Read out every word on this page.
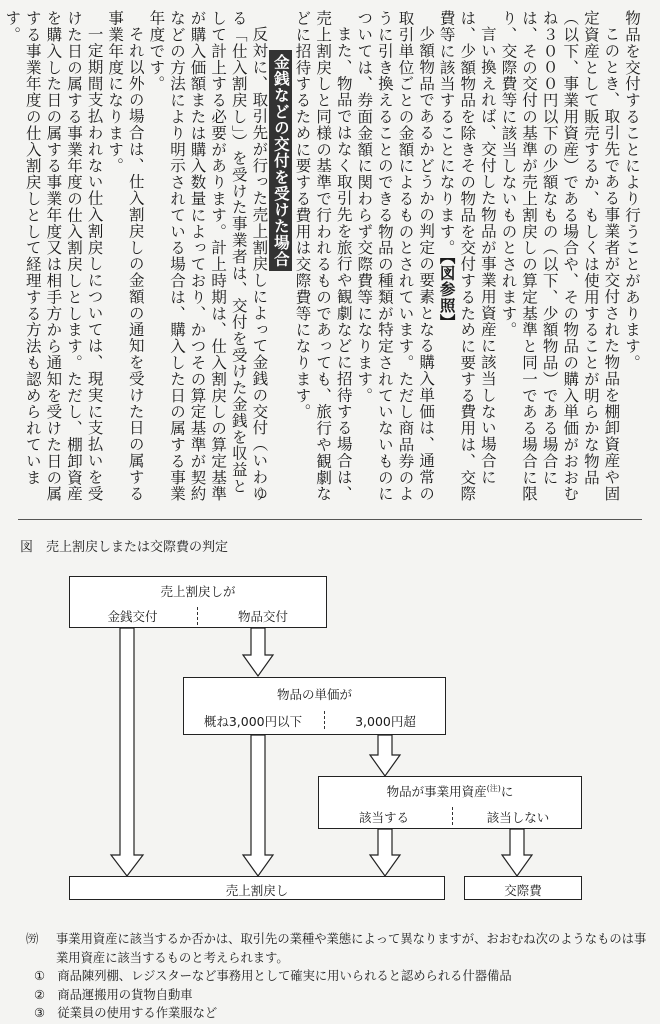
物品を交付することにより行うことがあります。

このとき、取引先である事業者が交付された物品を棚卸資産や固定資産として販売するか、もしくは使用することが明らかな物品（以下、事業用資産）である場合や、その物品の購入単価がおおむね３０００円以下の少額なもの（以下、少額物品）である場合には、その交付の基準が売上割戻しの算定基準と同一である場合に限り、交際費等に該当しないものとされます。

言い換えれば、交付した物品が事業用資産に該当しない場合には、少額物品を除きその物品を交付するために要する費用は、交際費等に該当することになります。【図参照】

少額物品であるかどうかの判定の要素となる購入単価は、通常の取引単位ごとの金額によるものとされています。ただし商品券のように引き換えることのできる物品の種類が特定されていないものについては、券面金額に関わらず交際費等になります。

また、物品ではなく取引先を旅行や観劇などに招待する場合は、売上割戻しと同様の基準で行われるものであっても、旅行や観劇などに招待するために要する費用は交際費等になります。

金銭などの交付を受けた場合

反対に、取引先が行った売上割戻しによって金銭の交付（いわゆる「仕入割戻し」）を受けた事業者は、交付を受けた金銭を収益として計上する必要があります。計上時期は、仕入割戻しの算定基準が購入価額または購入数量によっており、かつその算定基準が契約などの方法により明示されている場合は、購入した日の属する事業年度です。

それ以外の場合は、仕入割戻しの金額の通知を受けた日の属する事業年度になります。

一定期間支払われない仕入割戻しについては、現実に支払いを受けた日の属する事業年度の仕入割戻しとします。ただし、棚卸資産を購入した日の属する事業年度又は相手方から通知を受けた日の属する事業年度の仕入割戻しとして経理する方法も認められています。

図　売上割戻しまたは交際費の判定
売上割戻しが
金銭交付	物品交付
物品の単価が
概ね3,000円以下	3,000円超
物品が事業用資産$^{(注)}$に
該当する	該当しない
売上割戻し	交際費
㈸ 事業用資産に該当するか否かは、取引先の業種や業態によって異なりますが、おおむね次のようなものは事業用資産に該当するものと考えられます。
①　商品陳列棚、レジスターなど事務用として確実に用いられると認められる什器備品
②　商品運搬用の貨物自動車
③　従業員の使用する作業服など
